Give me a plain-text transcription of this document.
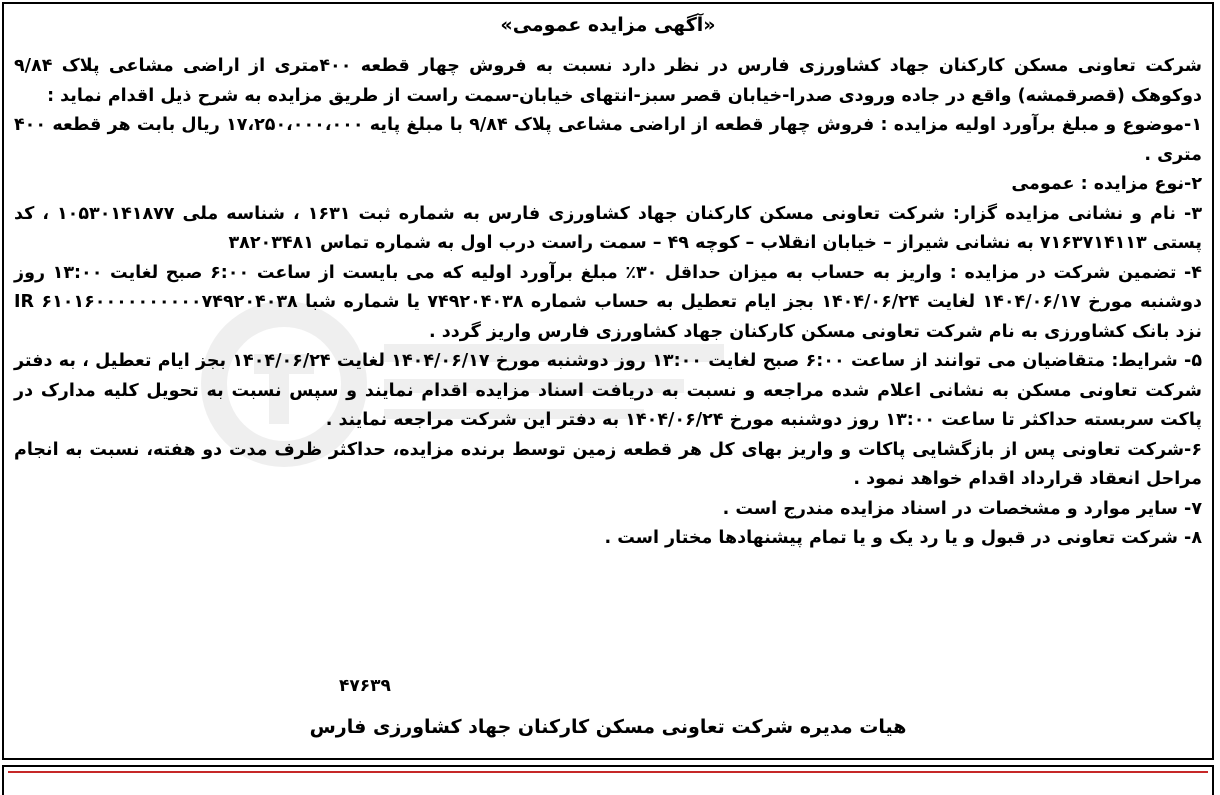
«آگهی مزایده عمومی»

شرکت تعاونی مسکن کارکنان جهاد کشاورزی فارس در نظر دارد نسبت به فروش چهار قطعه ۴۰۰متری از اراضی مشاعی پلاک ۹/۸۴ دوکوهک (قصرقمشه) واقع در جاده ورودی صدرا-خیابان قصر سبز-انتهای خیابان-سمت راست از طریق مزایده به شرح ذیل اقدام نماید :

۱-موضوع و مبلغ برآورد اولیه مزایده : فروش چهار قطعه از اراضی مشاعی پلاک ۹/۸۴ با مبلغ پایه ۱۷،۲۵۰،۰۰۰،۰۰۰ ریال بابت هر قطعه ۴۰۰ متری .

۲-نوع مزایده : عمومی

۳- نام و نشانی مزایده گزار: شرکت تعاونی مسکن کارکنان جهاد کشاورزی فارس به شماره ثبت ۱۶۳۱ ، شناسه ملی ۱۰۵۳۰۱۴۱۸۷۷ ، کد پستی ۷۱۶۳۷۱۴۱۱۳ به نشانی شیراز – خیابان انقلاب – کوچه ۴۹ – سمت راست درب اول به شماره تماس ۳۸۲۰۳۴۸۱

۴- تضمین شرکت در مزایده : واریز به حساب به میزان حداقل ۳۰٪ مبلغ برآورد اولیه که می بایست از ساعت ۶:۰۰ صبح لغایت ۱۳:۰۰ روز دوشنبه مورخ ۱۴۰۴/۰۶/۱۷ لغایت ۱۴۰۴/۰۶/۲۴ بجز ایام تعطیل به حساب شماره ۷۴۹۲۰۴۰۳۸ یا شماره شبا IR ۶۱۰۱۶۰۰۰۰۰۰۰۰۰۰۷۴۹۲۰۴۰۳۸ نزد بانک کشاورزی به نام شرکت تعاونی مسکن کارکنان جهاد کشاورزی فارس واریز گردد .

۵- شرایط: متقاضیان می توانند از ساعت ۶:۰۰ صبح لغایت ۱۳:۰۰ روز دوشنبه مورخ ۱۴۰۴/۰۶/۱۷ لغایت ۱۴۰۴/۰۶/۲۴ بجز ایام تعطیل ، به دفتر شرکت تعاونی مسکن به نشانی اعلام شده مراجعه و نسبت به دریافت اسناد مزایده اقدام نمایند و سپس نسبت به تحویل کلیه مدارک در پاکت سربسته حداکثر تا ساعت ۱۳:۰۰ روز دوشنبه مورخ ۱۴۰۴/۰۶/۲۴ به دفتر این شرکت مراجعه نمایند .

۶-شرکت تعاونی پس از بازگشایی پاکات و واریز بهای کل هر قطعه زمین توسط برنده مزایده، حداکثر ظرف مدت دو هفته، نسبت به انجام مراحل انعقاد قرارداد اقدام خواهد نمود .

۷- سایر موارد و مشخصات در اسناد مزایده مندرج است .

۸- شرکت تعاونی در قبول و یا رد یک و یا تمام پیشنهادها مختار است .

۴۷۶۳۹
هیات مدیره شرکت تعاونی مسکن کارکنان جهاد کشاورزی فارس
